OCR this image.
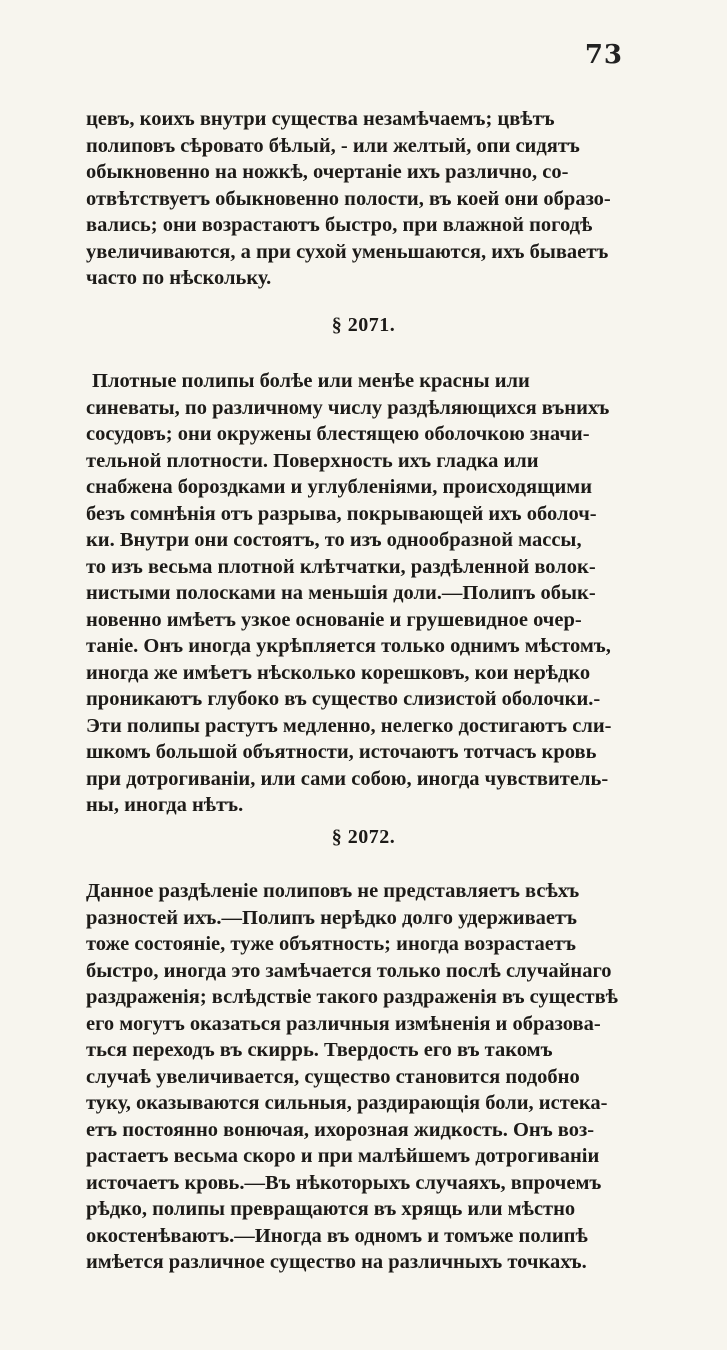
73
цевъ, коихъ внутри существа незамѣчаемъ; цвѣтъ
полиповъ сѣровато бѣлый, - или желтый, опи сидятъ
обыкновенно на ножкѣ, очертаніе ихъ различно, со-
отвѣтствуетъ обыкновенно полости, въ коей они образо-
вались; они возрастаютъ быстро, при влажной погодѣ
увеличиваются, а при сухой уменьшаются, ихъ бываетъ
часто по нѣскольку.
§ 2071.
Плотные полипы болѣе или менѣе красны или
синеваты, по различному числу раздѣляющихся вънихъ
сосудовъ; они окружены блестящею оболочкою значи-
тельной плотности. Поверхность ихъ гладка или
снабжена бороздками и углубленіями, происходящими
безъ сомнѣнія отъ разрыва, покрывающей ихъ оболоч-
ки. Внутри они состоятъ, то изъ однообразной массы,
то изъ весьма плотной клѣтчатки, раздѣленной волок-
нистыми полосками на меньшія доли.—Полипъ обык-
новенно имѣетъ узкое основаніе и грушевидное очер-
таніе. Онъ иногда укрѣпляется только однимъ мѣстомъ,
иногда же имѣетъ нѣсколько корешковъ, кои нерѣдко
проникаютъ глубоко въ существо слизистой оболочки.-
Эти полипы растутъ медленно, нелегко достигаютъ сли-
шкомъ большой объятности, источаютъ тотчасъ кровь
при дотрогиваніи, или сами собою, иногда чувствитель-
ны, иногда нѣтъ.
§ 2072.
Данное раздѣленіе полиповъ не представляетъ всѣхъ
разностей ихъ.—Полипъ нерѣдко долго удерживаетъ
тоже состояніе, туже объятность; иногда возрастаетъ
быстро, иногда это замѣчается только послѣ случайнаго
раздраженія; вслѣдствіе такого раздраженія въ существѣ
его могутъ оказаться различныя измѣненія и образова-
ться переходъ въ скиррь. Твердость его въ такомъ
случаѣ увеличивается, существо становится подобно
туку, оказываются сильныя, раздирающія боли, истека-
етъ постоянно вонючая, ихорозная жидкость. Онъ воз-
растаетъ весьма скоро и при малѣйшемъ дотрогиваніи
источаетъ кровь.—Въ нѣкоторыхъ случаяхъ, впрочемъ
рѣдко, полипы превращаются въ хрящь или мѣстно
окостенѣваютъ.—Иногда въ одномъ и томъже полипѣ
имѣется различное существо на различныхъ точкахъ.
